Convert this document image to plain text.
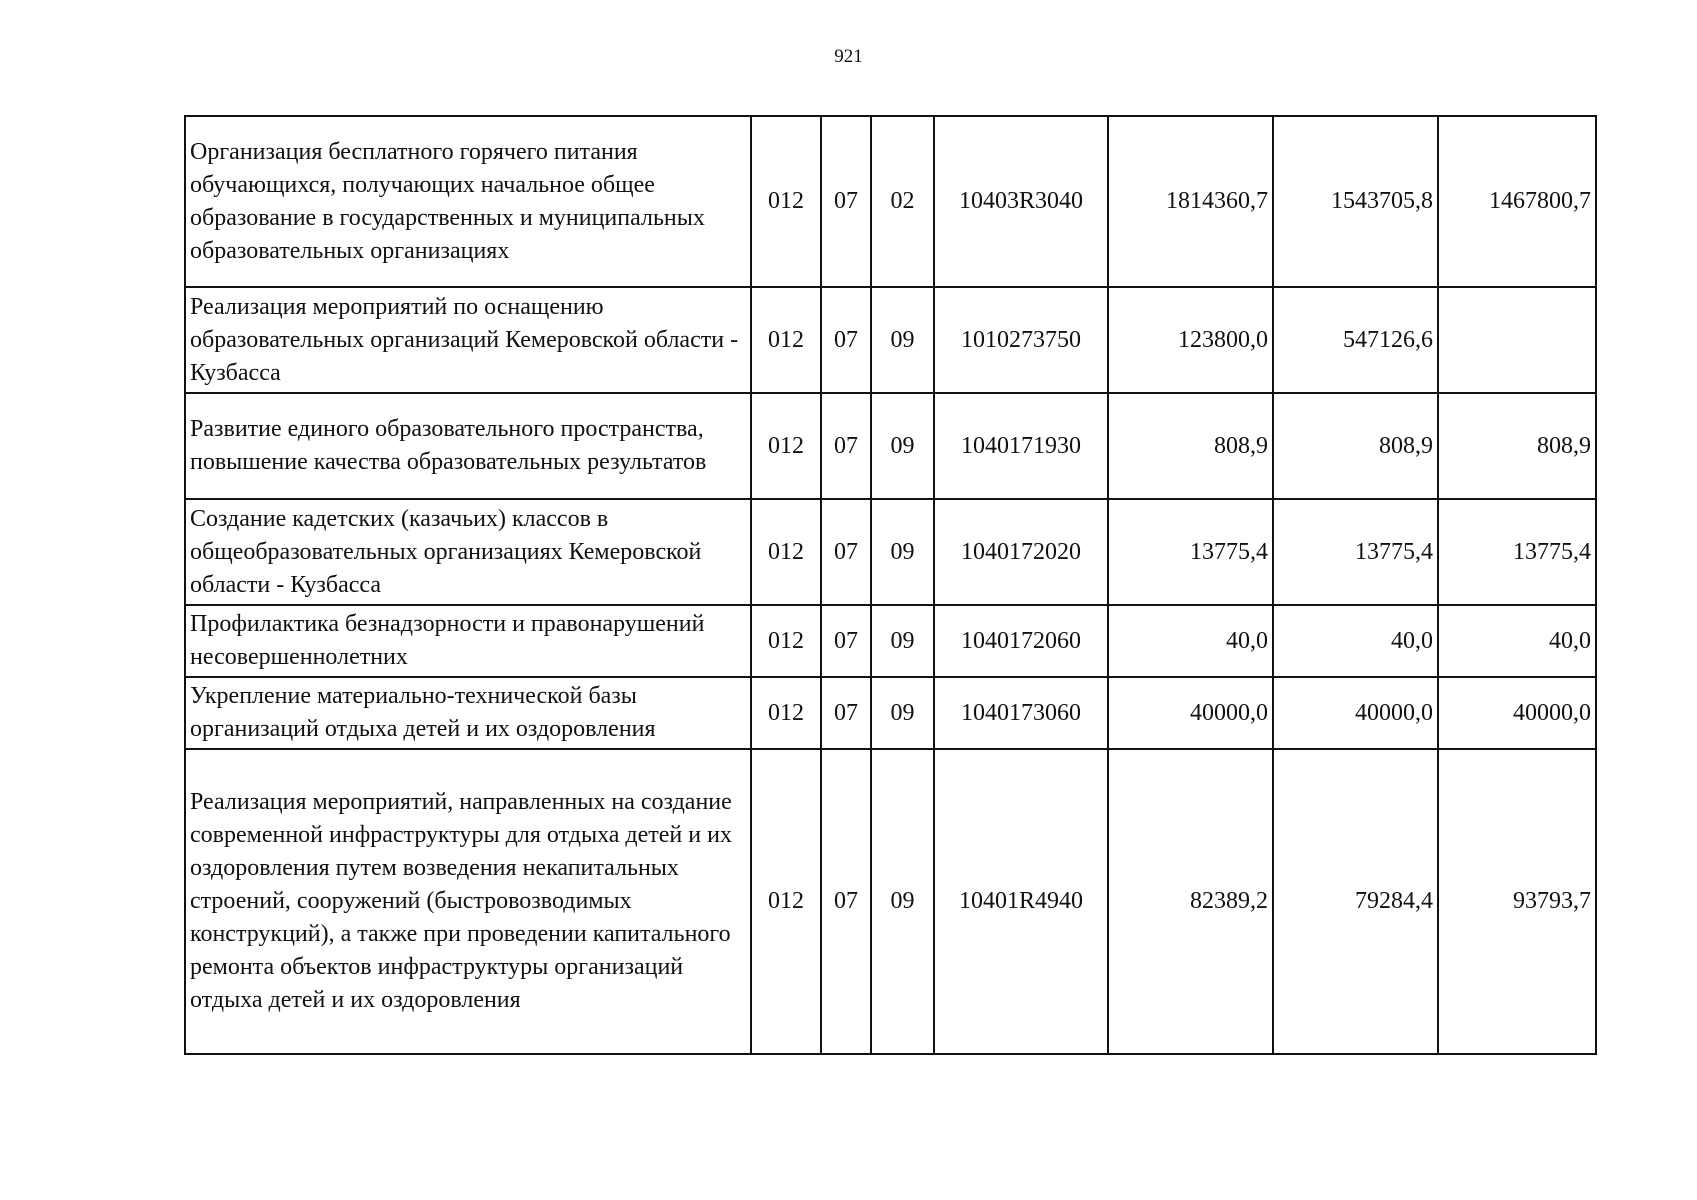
921
Организация бесплатного горячего питания обучающихся, получающих начальное общее образование в государственных и муниципальных образовательных организациях	012	07	02	10403R3040	1814360,7	1543705,8	1467800,7
Реализация мероприятий по оснащению образовательных организаций Кемеровской области - Кузбасса	012	07	09	1010273750	123800,0	547126,6	
Развитие единого образовательного пространства, повышение качества образовательных результатов	012	07	09	1040171930	808,9	808,9	808,9
Создание кадетских (казачьих) классов в общеобразовательных организациях Кемеровской области - Кузбасса	012	07	09	1040172020	13775,4	13775,4	13775,4
Профилактика безнадзорности и правонарушений несовершеннолетних	012	07	09	1040172060	40,0	40,0	40,0
Укрепление материально-технической базы организаций отдыха детей и их оздоровления	012	07	09	1040173060	40000,0	40000,0	40000,0
Реализация мероприятий, направленных на создание современной инфраструктуры для отдыха детей и их оздоровления путем возведения некапитальных строений, сооружений (быстровозводимых конструкций), а также при проведении капитального ремонта объектов инфраструктуры организаций отдыха детей и их оздоровления	012	07	09	10401R4940	82389,2	79284,4	93793,7
